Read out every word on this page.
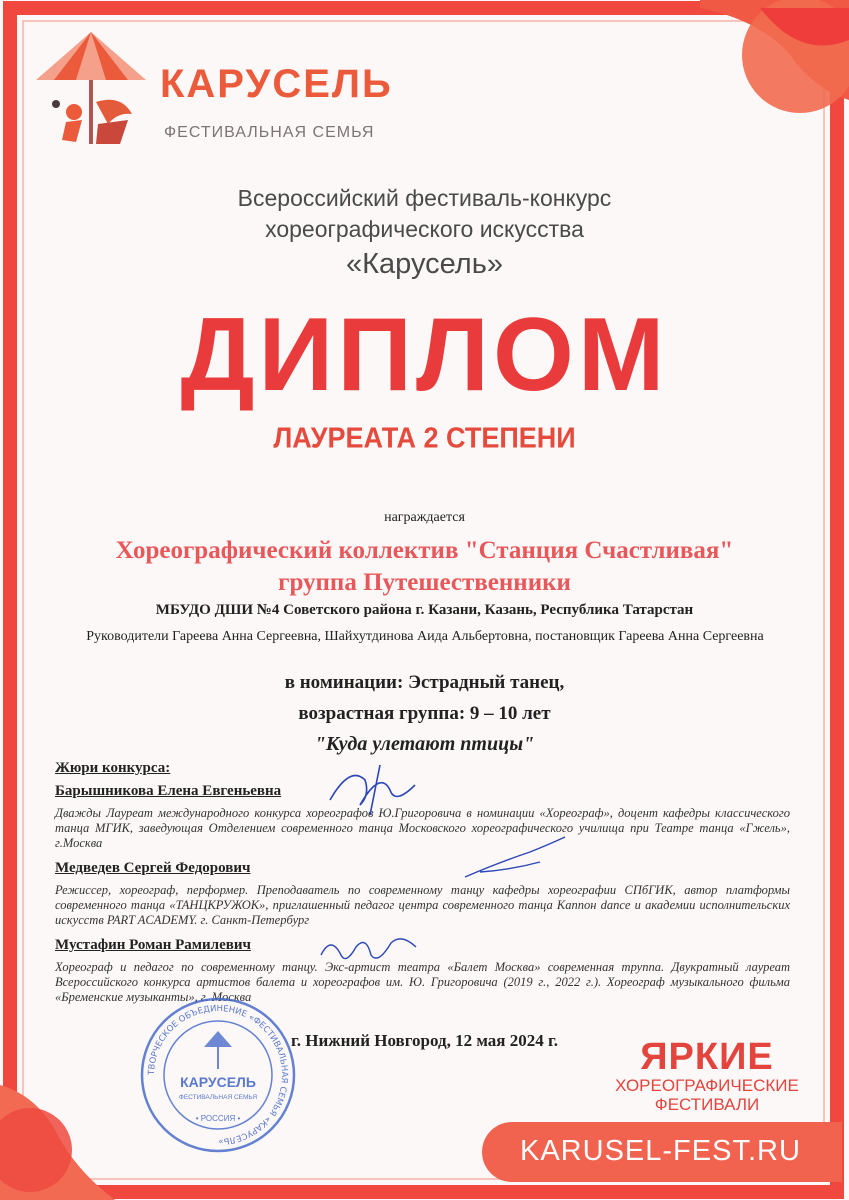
КАРУСЕЛЬ
ФЕСТИВАЛЬНАЯ СЕМЬЯ
Всероссийский фестиваль-конкурс
хореографического искусства
«Карусель»
ДИПЛОМ
ЛАУРЕАТА 2 СТЕПЕНИ
награждается
Хореографический коллектив "Станция Счастливая"
группа Путешественники
МБУДО ДШИ №4 Советского района г. Казани, Казань, Республика Татарстан
Руководители Гареева Анна Сергеевна, Шайхутдинова Аида Альбертовна, постановщик Гареева Анна Сергеевна
в номинации: Эстрадный танец,
возрастная группа: 9 – 10 лет
"Куда улетают птицы"
Жюри конкурса:
Барышникова Елена Евгеньевна
Дважды Лауреат международного конкурса хореографов Ю.Григоровича в номинации «Хореограф», доцент кафедры классического танца МГИК, заведующая Отделением современного танца Московского хореографического училища при Театре танца «Гжель», г.Москва
Медведев Сергей Федорович
Режиссер, хореограф, перформер. Преподаватель по современному танцу кафедры хореографии СПбГИК, автор платформы современного танца «ТАНЦКРУЖОК», приглашенный педагог центра современного танца Каппон dance и академии исполнительских искусств PART ACADEMY. г. Санкт-Петербург
Мустафин Роман Рамилевич
Хореограф и педагог по современному танцу. Экс-артист театра «Балет Москва» современная труппа. Двукратный лауреат Всероссийского конкурса артистов балета и хореографов им. Ю. Григоровича (2019 г., 2022 г.). Хореограф музыкального фильма «Бременские музыканты», г. Москва
г. Нижний Новгород, 12 мая 2024 г.
ТВОРЧЕСКОЕ ОБЪЕДИНЕНИЕ «ФЕСТИВАЛЬНАЯ СЕМЬЯ «КАРУСЕЛЬ»
КАРУСЕЛЬ
ФЕСТИВАЛЬНАЯ СЕМЬЯ
• РОССИЯ •
ЯРКИЕ
ХОРЕОГРАФИЧЕСКИЕ
ФЕСТИВАЛИ
KARUSEL-FEST.RU
